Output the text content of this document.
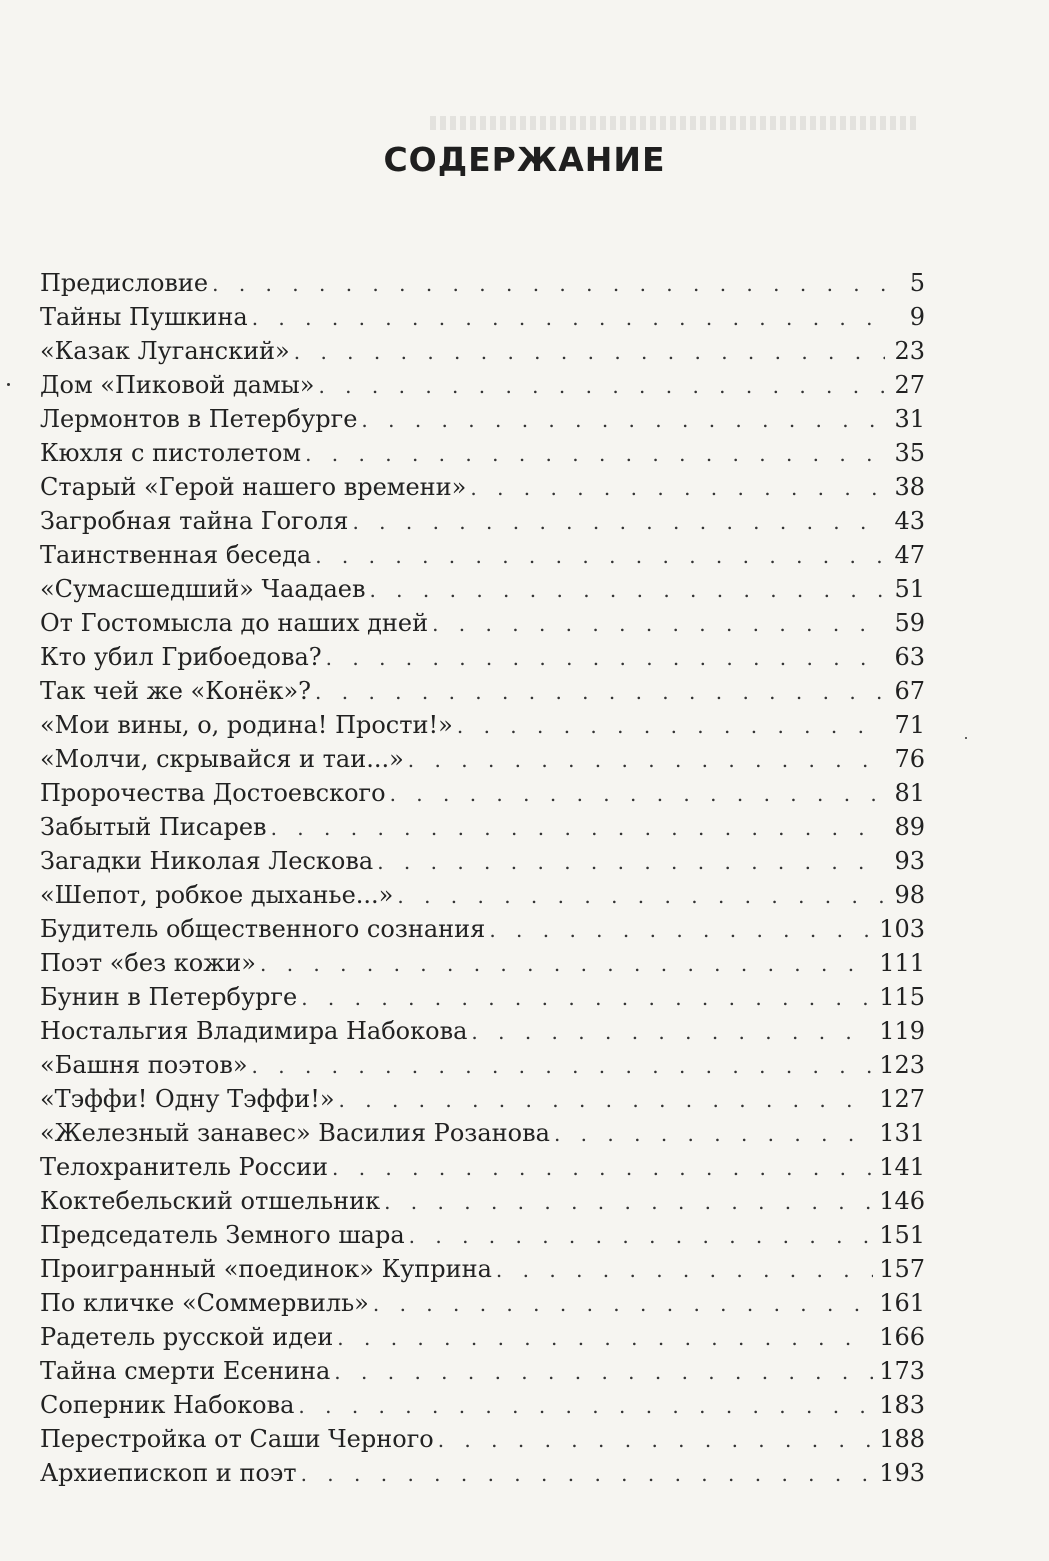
СОДЕРЖАНИЕ
Предисловие . . .	5
Тайны Пушкина . . .	9
«Казак Луганский» . . .	23
Дом «Пиковой дамы» . . .	27
Лермонтов в Петербурге . . .	31
Кюхля с пистолетом . . .	35
Старый «Герой нашего времени» . . .	38
Загробная тайна Гоголя . . .	43
Таинственная беседа . . .	47
«Сумасшедший» Чаадаев . . .	51
От Гостомысла до наших дней . . .	59
Кто убил Грибоедова? . . .	63
Так чей же «Конёк»? . . .	67
«Мои вины, о, родина! Прости!» . . .	71
«Молчи, скрывайся и таи...» . . .	76
Пророчества Достоевского . . .	81
Забытый Писарев . . .	89
Загадки Николая Лескова . . .	93
«Шепот, робкое дыханье...» . . .	98
Будитель общественного сознания . . .	103
Поэт «без кожи» . . .	111
Бунин в Петербурге . . .	115
Ностальгия Владимира Набокова . . .	119
«Башня поэтов» . . .	123
«Тэффи! Одну Тэффи!» . . .	127
«Железный занавес» Василия Розанова . . .	131
Телохранитель России . . .	141
Коктебельский отшельник . . .	146
Председатель Земного шара . . .	151
Проигранный «поединок» Куприна . . .	157
По кличке «Соммервиль» . . .	161
Радетель русской идеи . . .	166
Тайна смерти Есенина . . .	173
Соперник Набокова . . .	183
Перестройка от Саши Черного . . .	188
Архиепископ и поэт . . .	193
